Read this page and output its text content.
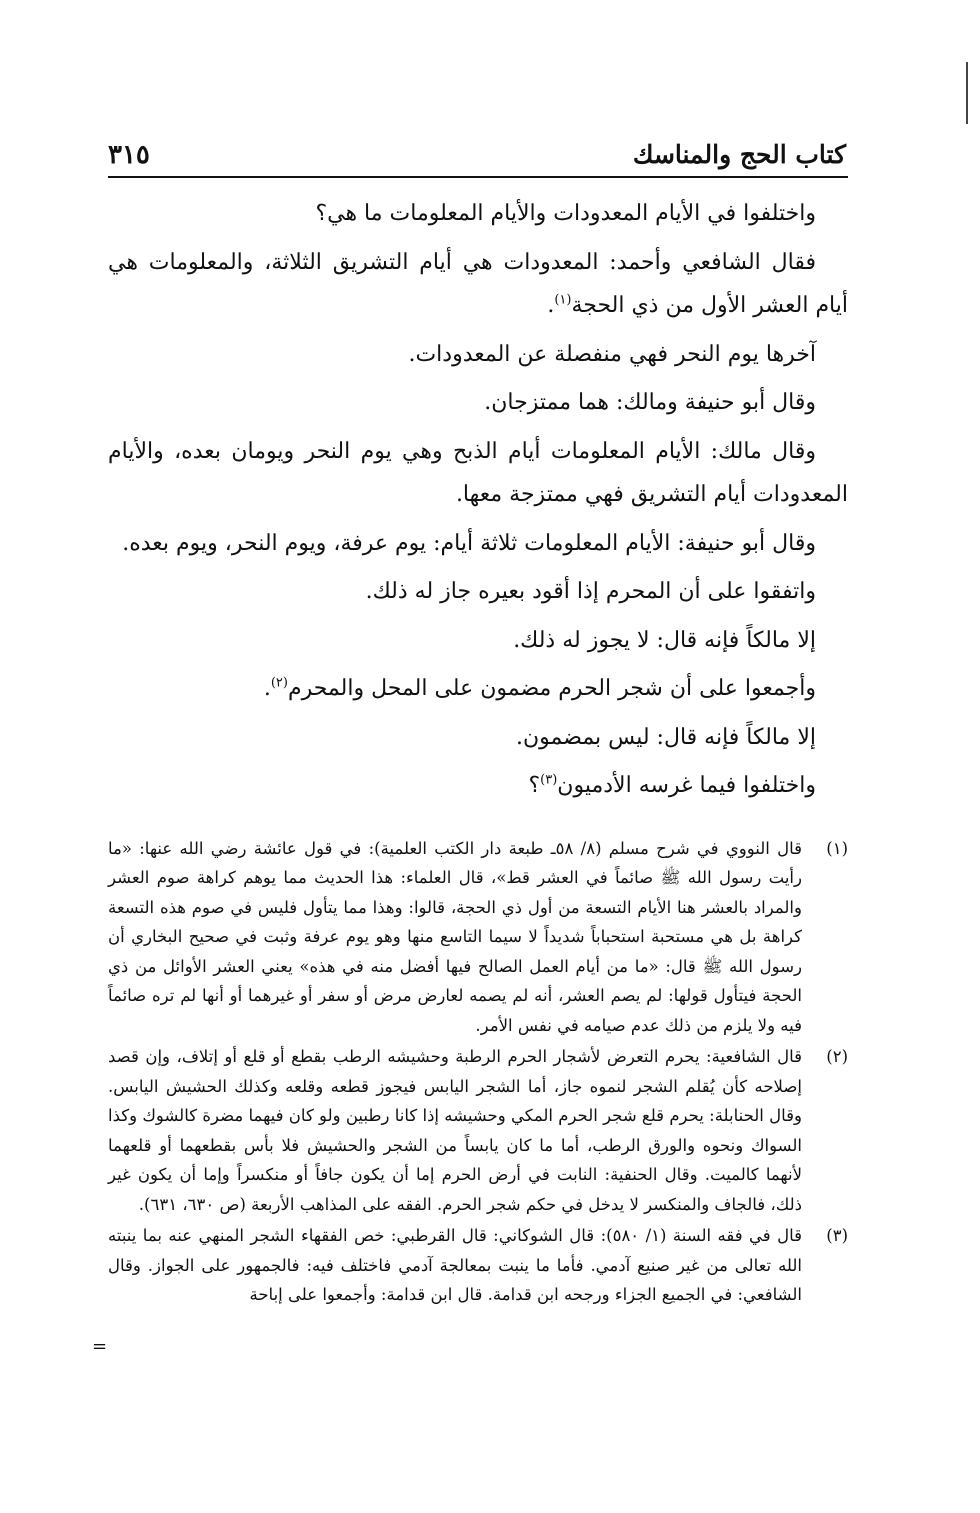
كتاب الحج والمناسك
٣١٥

واختلفوا في الأيام المعدودات والأيام المعلومات ما هي؟

فقال الشافعي وأحمد: المعدودات هي أيام التشريق الثلاثة، والمعلومات هي أيام العشر الأول من ذي الحجة$^{(١)}$.

آخرها يوم النحر فهي منفصلة عن المعدودات.

وقال أبو حنيفة ومالك: هما ممتزجان.

وقال مالك: الأيام المعلومات أيام الذبح وهي يوم النحر ويومان بعده، والأيام المعدودات أيام التشريق فهي ممتزجة معها.

وقال أبو حنيفة: الأيام المعلومات ثلاثة أيام: يوم عرفة، ويوم النحر، ويوم بعده.

واتفقوا على أن المحرم إذا أقود بعيره جاز له ذلك.

إلا مالكاً فإنه قال: لا يجوز له ذلك.

وأجمعوا على أن شجر الحرم مضمون على المحل والمحرم$^{(٢)}$.

إلا مالكاً فإنه قال: ليس بمضمون.

واختلفوا فيما غرسه الأدميون$^{(٣)}$؟

(١)
قال النووي في شرح مسلم (٨/ ٥٨ـ طبعة دار الكتب العلمية): في قول عائشة رضي الله عنها: «ما رأيت رسول الله ﷺ صائماً في العشر قط»، قال العلماء: هذا الحديث مما يوهم كراهة صوم العشر والمراد بالعشر هنا الأيام التسعة من أول ذي الحجة، قالوا: وهذا مما يتأول فليس في صوم هذه التسعة كراهة بل هي مستحبة استحباباً شديداً لا سيما التاسع منها وهو يوم عرفة وثبت في صحيح البخاري أن رسول الله ﷺ قال: «ما من أيام العمل الصالح فيها أفضل منه في هذه» يعني العشر الأوائل من ذي الحجة فيتأول قولها: لم يصم العشر، أنه لم يصمه لعارض مرض أو سفر أو غيرهما أو أنها لم تره صائماً فيه ولا يلزم من ذلك عدم صيامه في نفس الأمر.
(٢)
قال الشافعية: يحرم التعرض لأشجار الحرم الرطبة وحشيشه الرطب بقطع أو قلع أو إتلاف، وإن قصد إصلاحه كأن يُقلم الشجر لنموه جاز، أما الشجر اليابس فيجوز قطعه وقلعه وكذلك الحشيش اليابس. وقال الحنابلة: يحرم قلع شجر الحرم المكي وحشيشه إذا كانا رطبين ولو كان فيهما مضرة كالشوك وكذا السواك ونحوه والورق الرطب، أما ما كان يابساً من الشجر والحشيش فلا بأس بقطعهما أو قلعهما لأنهما كالميت. وقال الحنفية: النابت في أرض الحرم إما أن يكون جافاً أو منكسراً وإما أن يكون غير ذلك، فالجاف والمنكسر لا يدخل في حكم شجر الحرم. الفقه على المذاهب الأربعة (ص ٦٣٠، ٦٣١).
(٣)
قال في فقه السنة (١/ ٥٨٠): قال الشوكاني: قال القرطبي: خص الفقهاء الشجر المنهي عنه بما ينبته الله تعالى من غير صنيع آدمي. فأما ما ينبت بمعالجة آدمي فاختلف فيه: فالجمهور على الجواز. وقال الشافعي: في الجميع الجزاء ورجحه ابن قدامة. قال ابن قدامة: وأجمعوا على إباحة
=
